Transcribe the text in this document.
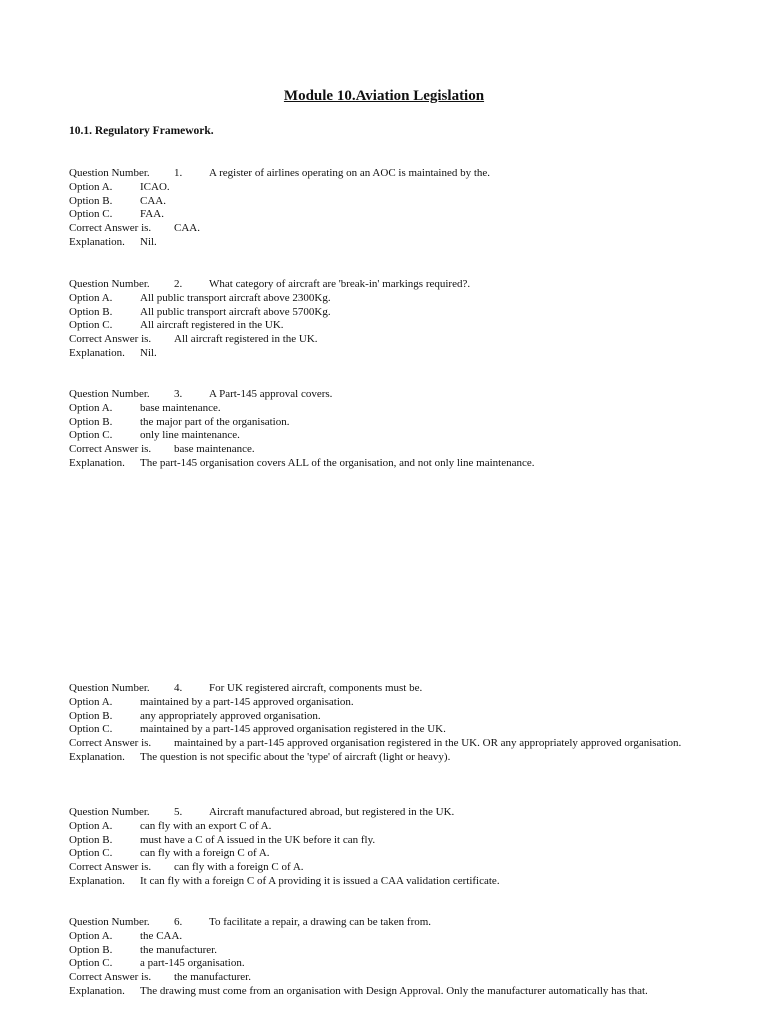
Module 10.Aviation Legislation
10.1. Regulatory Framework.
Question Number. 1. A register of airlines operating on an AOC is maintained by the.
Option A.	ICAO.
Option B.	CAA.
Option C.	FAA.
Correct Answer is. CAA.
Explanation. Nil.
Question Number. 2. What category of aircraft are 'break-in' markings required?.
Option A.	All public transport aircraft above 2300Kg.
Option B.	All public transport aircraft above 5700Kg.
Option C.	All aircraft registered in the UK.
Correct Answer is. All aircraft registered in the UK.
Explanation. Nil.
Question Number. 3. A Part-145 approval covers.
Option A.	base maintenance.
Option B.	the major part of the organisation.
Option C.	only line maintenance.
Correct Answer is. base maintenance.
Explanation. The part-145 organisation covers ALL of the organisation, and not only line maintenance.
Question Number. 4. For UK registered aircraft, components must be.
Option A.	maintained by a part-145 approved organisation.
Option B.	any appropriately approved organisation.
Option C.	maintained by a part-145 approved organisation registered in the UK.
Correct Answer is.	maintained by a part-145 approved organisation registered in the UK. OR any appropriately approved organisation.
Explanation. The question is not specific about the 'type' of aircraft (light or heavy).
Question Number. 5. Aircraft manufactured abroad, but registered in the UK.
Option A.	can fly with an export C of A.
Option B.	must have a C of A issued in the UK before it can fly.
Option C.	can fly with a foreign C of A.
Correct Answer is. can fly with a foreign C of A.
Explanation. It can fly with a foreign C of A providing it is issued a CAA validation certificate.
Question Number. 6. To facilitate a repair, a drawing can be taken from.
Option A.	the CAA.
Option B.	the manufacturer.
Option C.	a part-145 organisation.
Correct Answer is. the manufacturer.
Explanation. The drawing must come from an organisation with Design Approval. Only the manufacturer automatically has that.
